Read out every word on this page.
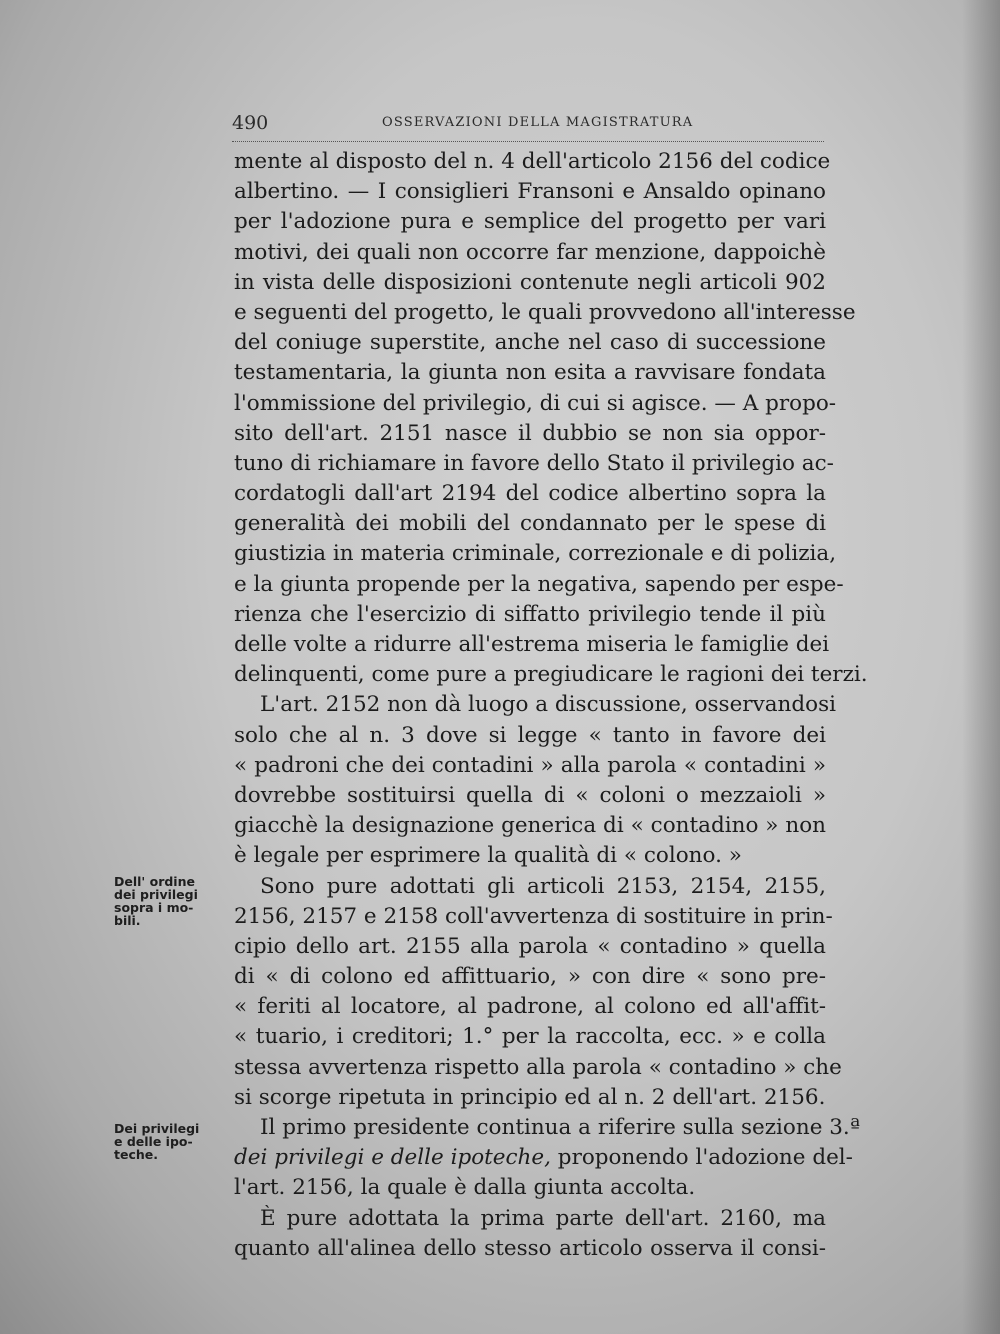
490	OSSERVAZIONI DELLA MAGISTRATURA
mente al disposto del n. 4 dell'articolo 2156 del codice
albertino. — I consiglieri Fransoni e Ansaldo opinano
per l'adozione pura e semplice del progetto per vari
motivi, dei quali non occorre far menzione, dappoichè
in vista delle disposizioni contenute negli articoli 902
e seguenti del progetto, le quali provvedono all'interesse
del coniuge superstite, anche nel caso di successione
testamentaria, la giunta non esita a ravvisare fondata
l'ommissione del privilegio, di cui si agisce. — A propo-
sito dell'art. 2151 nasce il dubbio se non sia oppor-
tuno di richiamare in favore dello Stato il privilegio ac-
cordatogli dall'art 2194 del codice albertino sopra la
generalità dei mobili del condannato per le spese di
giustizia in materia criminale, correzionale e di polizia,
e la giunta propende per la negativa, sapendo per espe-
rienza che l'esercizio di siffatto privilegio tende il più
delle volte a ridurre all'estrema miseria le famiglie dei
delinquenti, come pure a pregiudicare le ragioni dei terzi.
L'art. 2152 non dà luogo a discussione, osservandosi
solo che al n. 3 dove si legge « tanto in favore dei
« padroni che dei contadini » alla parola « contadini »
dovrebbe sostituirsi quella di « coloni o mezzaioli »
giacchè la designazione generica di « contadino » non
è legale per esprimere la qualità di « colono. »
Sono pure adottati gli articoli 2153, 2154, 2155,
2156, 2157 e 2158 coll'avvertenza di sostituire in prin-
cipio dello art. 2155 alla parola « contadino » quella
di « di colono ed affittuario, » con dire « sono pre-
« feriti al locatore, al padrone, al colono ed all'affit-
« tuario, i creditori; 1.° per la raccolta, ecc. » e colla
stessa avvertenza rispetto alla parola « contadino » che
si scorge ripetuta in principio ed al n. 2 dell'art. 2156.
Il primo presidente continua a riferire sulla sezione 3.ª
dei privilegi e delle ipoteche, proponendo l'adozione del-
l'art. 2156, la quale è dalla giunta accolta.
È pure adottata la prima parte dell'art. 2160, ma
quanto all'alinea dello stesso articolo osserva il consi-
Dell' ordine
dei privilegi
sopra i mo-
bili.
Dei privilegi
e delle ipo-
teche.
